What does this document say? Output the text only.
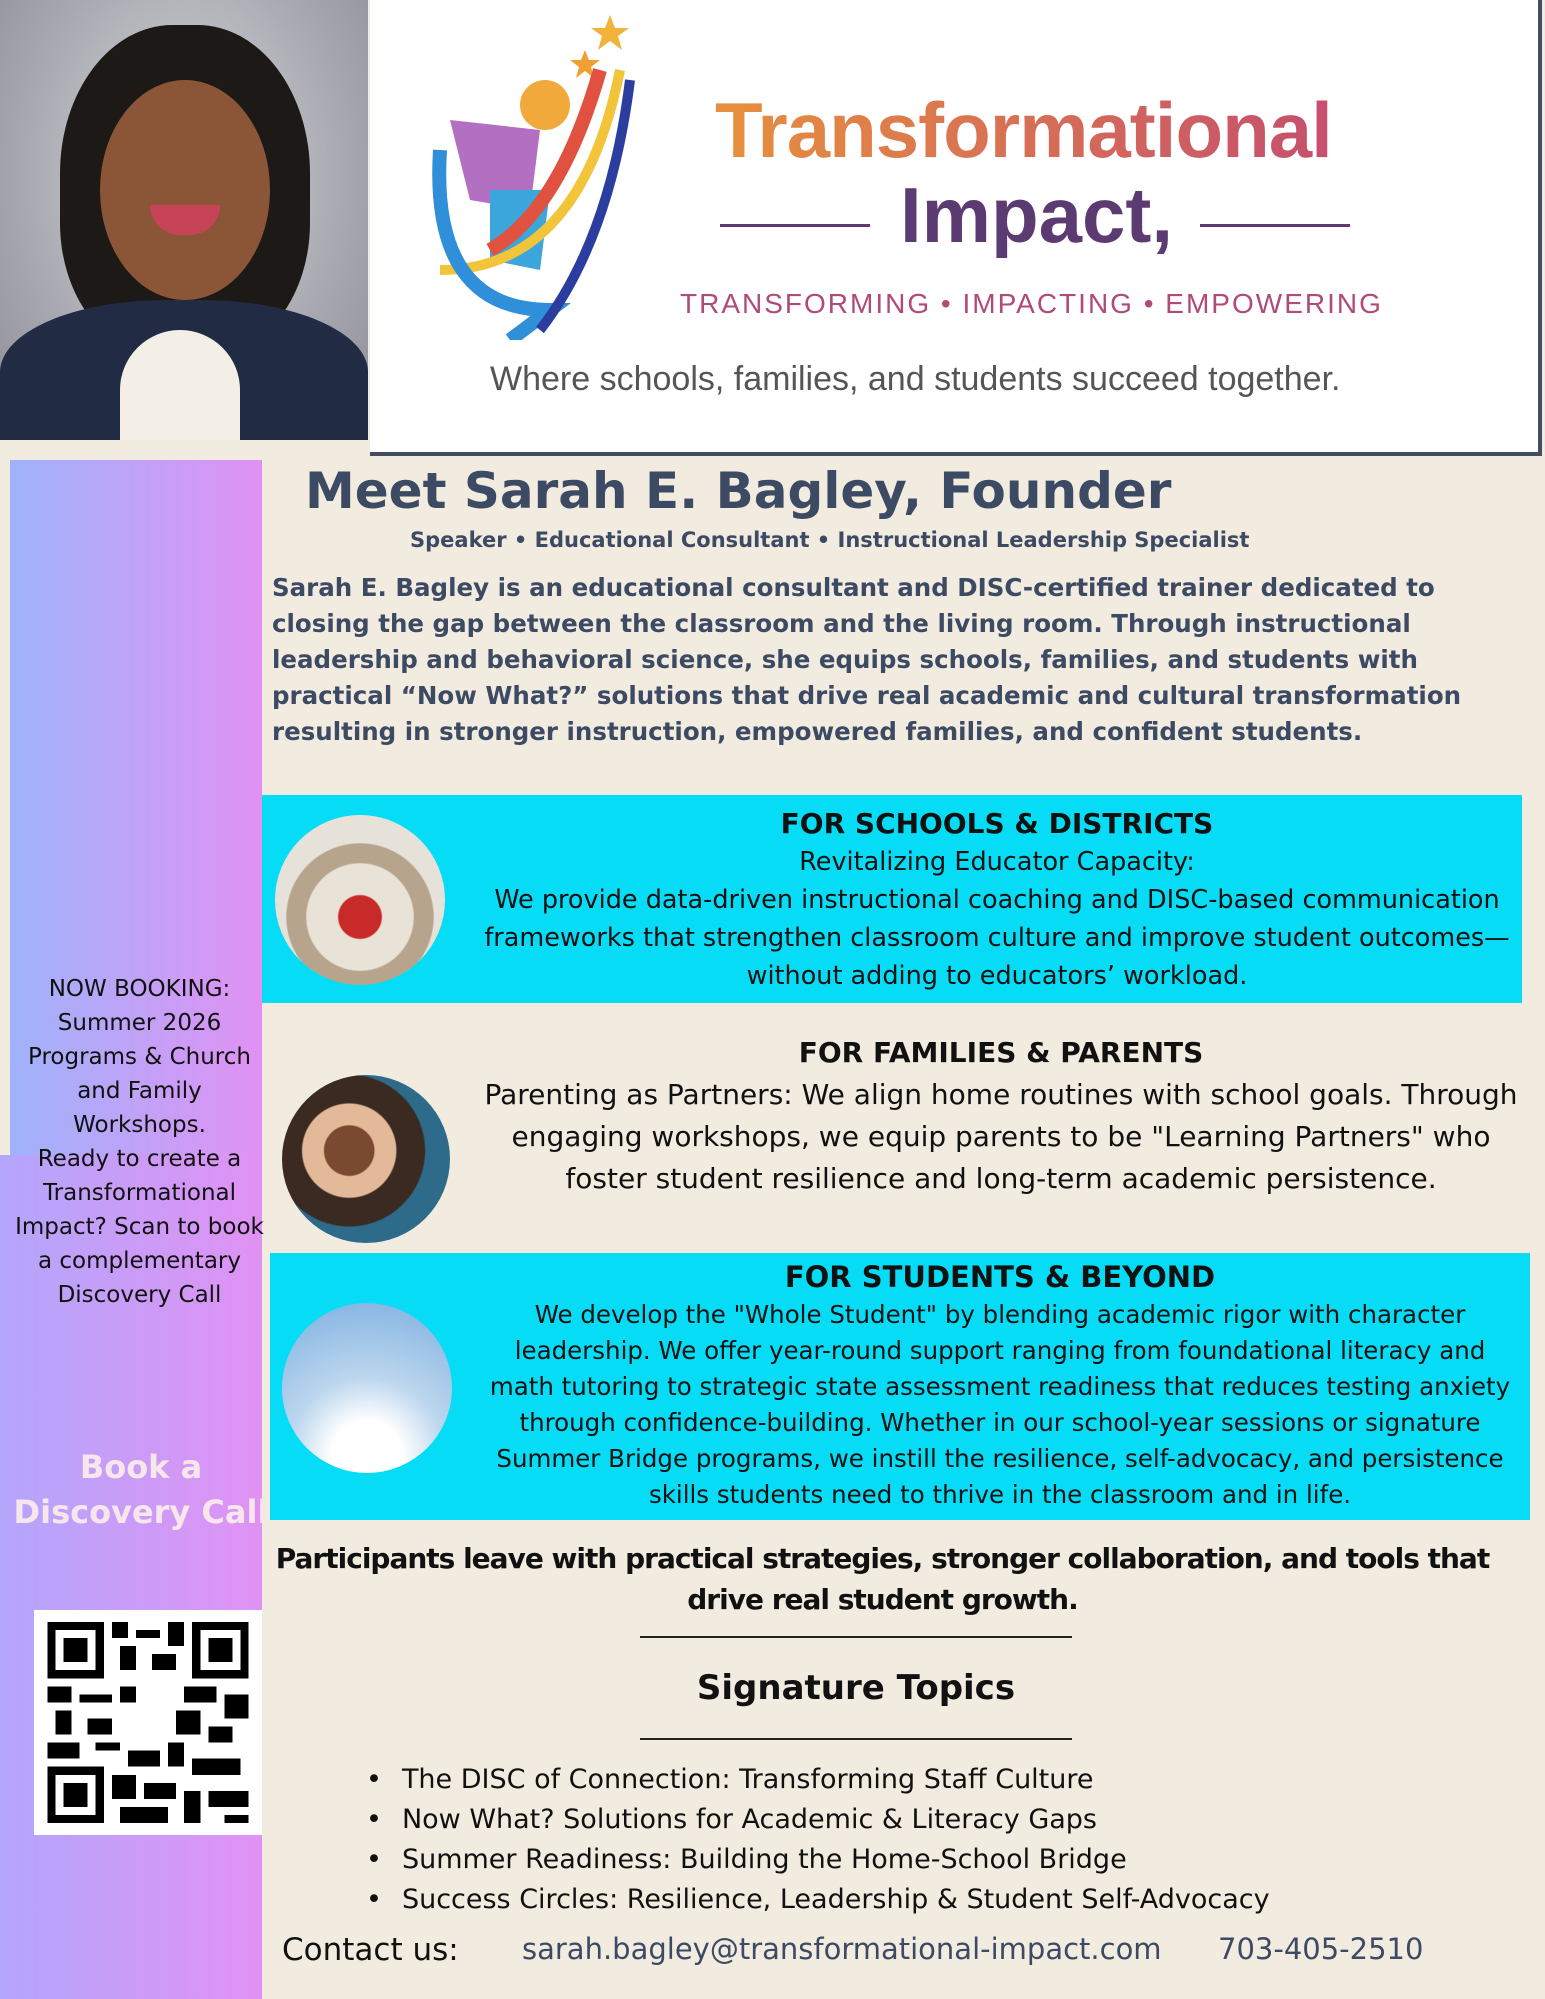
Transformational
Impact,
TRANSFORMING • IMPACTING • EMPOWERING
Where schools, families, and students succeed together.
NOW BOOKING: Summer 2026 Programs & Church and Family Workshops.
Ready to create a Transformational Impact? Scan to book a complementary Discovery Call
Book a Discovery Call
Meet Sarah E. Bagley, Founder
Speaker • Educational Consultant • Instructional Leadership Specialist
Sarah E. Bagley is an educational consultant and DISC-certified trainer dedicated to closing the gap between the classroom and the living room. Through instructional leadership and behavioral science, she equips schools, families, and students with practical “Now What?” solutions that drive real academic and cultural transformation resulting in stronger instruction, empowered families, and confident students.
FOR SCHOOLS & DISTRICTS
Revitalizing Educator Capacity:
We provide data-driven instructional coaching and DISC-based communication frameworks that strengthen classroom culture and improve student outcomes—without adding to educators’ workload.
FOR FAMILIES & PARENTS
Parenting as Partners: We align home routines with school goals. Through engaging workshops, we equip parents to be "Learning Partners" who foster student resilience and long-term academic persistence.
FOR STUDENTS & BEYOND
We develop the "Whole Student" by blending academic rigor with character leadership. We offer year-round support ranging from foundational literacy and math tutoring to strategic state assessment readiness that reduces testing anxiety through confidence-building. Whether in our school-year sessions or signature Summer Bridge programs, we instill the resilience, self-advocacy, and persistence skills students need to thrive in the classroom and in life.
Participants leave with practical strategies, stronger collaboration, and tools that drive real student growth.
Signature Topics
• The DISC of Connection: Transforming Staff Culture
• Now What? Solutions for Academic & Literacy Gaps
• Summer Readiness: Building the Home-School Bridge
• Success Circles: Resilience, Leadership & Student Self-Advocacy
Contact us: sarah.bagley@transformational-impact.com 703-405-2510
